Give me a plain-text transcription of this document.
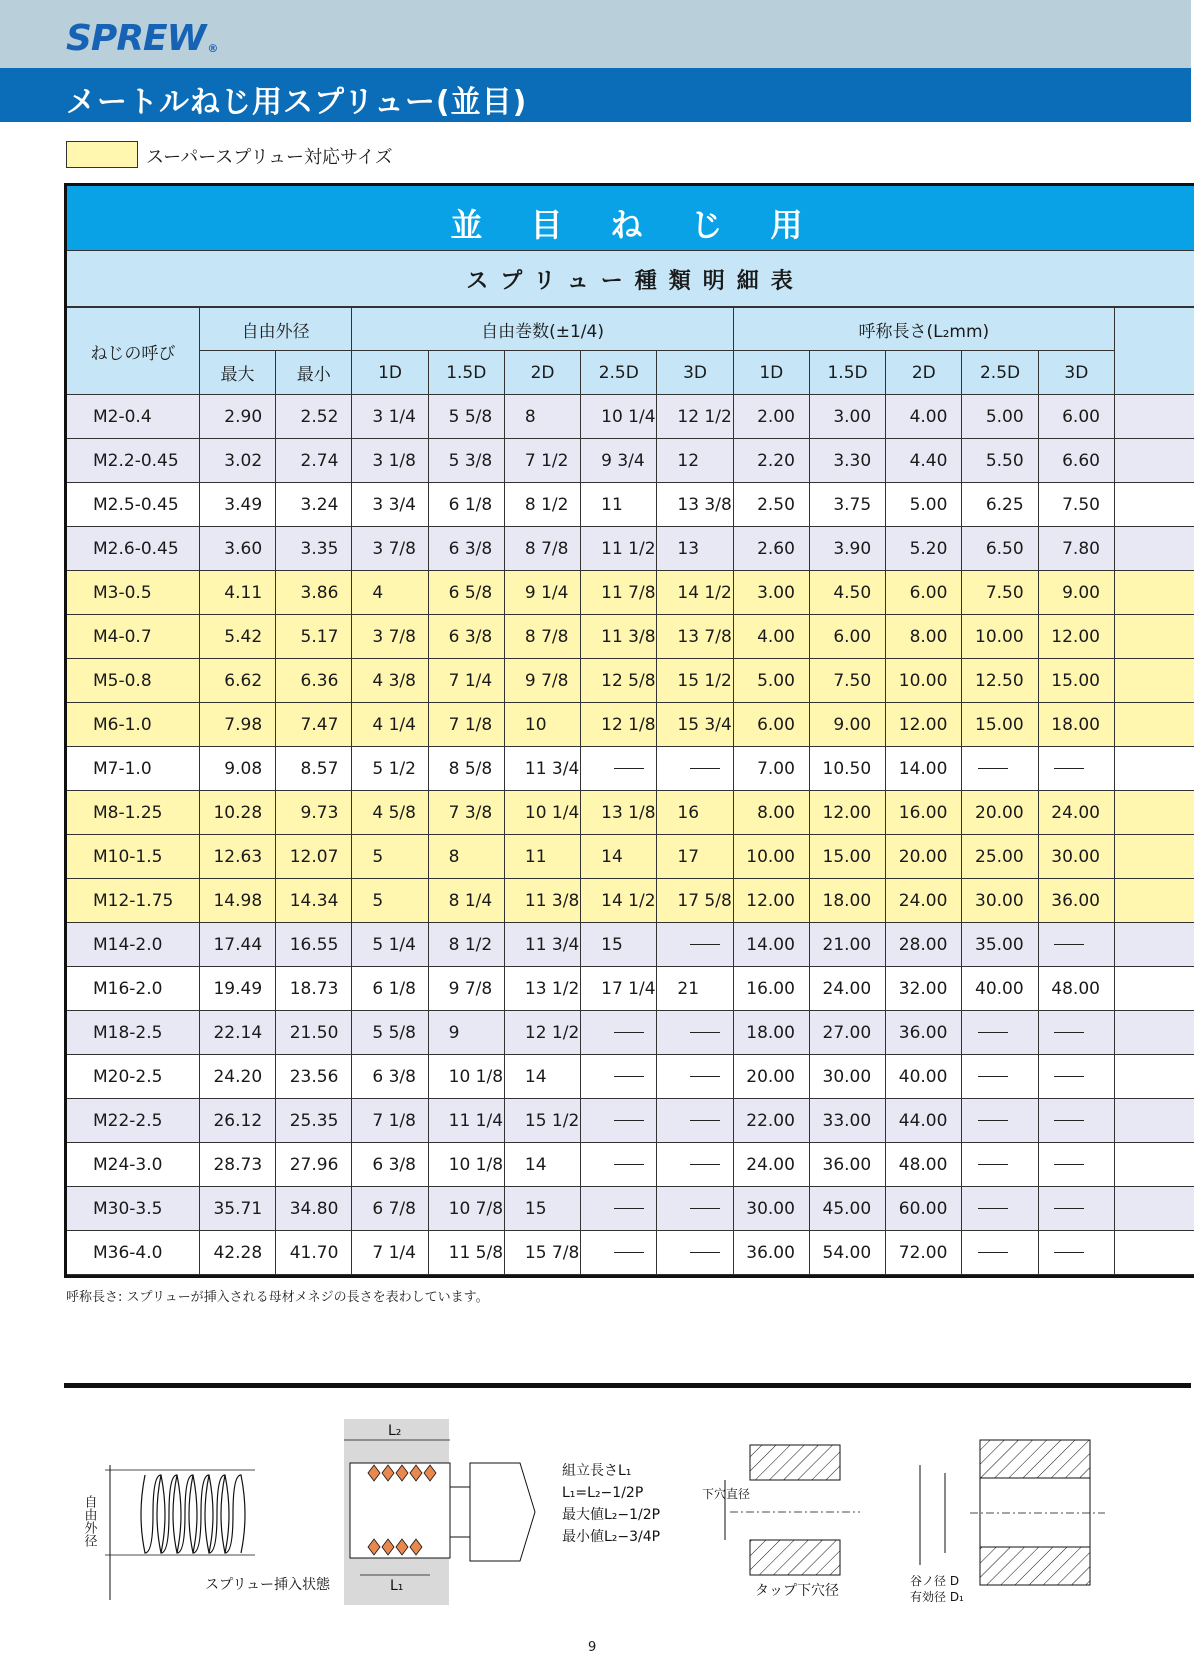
SPREW ®
メートルねじ用スプリュー(並目)
スーパースプリュー対応サイズ
並目ねじ用
スプリュー種類明細表
ねじの呼び	自由外径		自由巻数(±1/4)					呼称長さ(L₂mm)					
	最大	最小	1D	1.5D	2D	2.5D	3D	1D	1.5D	2D	2.5D	3D	
M2-0.4	2.90	2.52	3 1/4	5 5/8	8	10 1/4	12 1/2	2.00	3.00	4.00	5.00	6.00	
M2.2-0.45	3.02	2.74	3 1/8	5 3/8	7 1/2	9 3/4	12	2.20	3.30	4.40	5.50	6.60	
M2.5-0.45	3.49	3.24	3 3/4	6 1/8	8 1/2	11	13 3/8	2.50	3.75	5.00	6.25	7.50	
M2.6-0.45	3.60	3.35	3 7/8	6 3/8	8 7/8	11 1/2	13	2.60	3.90	5.20	6.50	7.80	
M3-0.5	4.11	3.86	4	6 5/8	9 1/4	11 7/8	14 1/2	3.00	4.50	6.00	7.50	9.00	
M4-0.7	5.42	5.17	3 7/8	6 3/8	8 7/8	11 3/8	13 7/8	4.00	6.00	8.00	10.00	12.00	
M5-0.8	6.62	6.36	4 3/8	7 1/4	9 7/8	12 5/8	15 1/2	5.00	7.50	10.00	12.50	15.00	
M6-1.0	7.98	7.47	4 1/4	7 1/8	10	12 1/8	15 3/4	6.00	9.00	12.00	15.00	18.00	
M7-1.0	9.08	8.57	5 1/2	8 5/8	11 3/4			7.00	10.50	14.00			
M8-1.25	10.28	9.73	4 5/8	7 3/8	10 1/4	13 1/8	16	8.00	12.00	16.00	20.00	24.00	
M10-1.5	12.63	12.07	5	8	11	14	17	10.00	15.00	20.00	25.00	30.00	
M12-1.75	14.98	14.34	5	8 1/4	11 3/8	14 1/2	17 5/8	12.00	18.00	24.00	30.00	36.00	
M14-2.0	17.44	16.55	5 1/4	8 1/2	11 3/4	15		14.00	21.00	28.00	35.00		
M16-2.0	19.49	18.73	6 1/8	9 7/8	13 1/2	17 1/4	21	16.00	24.00	32.00	40.00	48.00	
M18-2.5	22.14	21.50	5 5/8	9	12 1/2			18.00	27.00	36.00			
M20-2.5	24.20	23.56	6 3/8	10 1/8	14			20.00	30.00	40.00			
M22-2.5	26.12	25.35	7 1/8	11 1/4	15 1/2			22.00	33.00	44.00			
M24-3.0	28.73	27.96	6 3/8	10 1/8	14			24.00	36.00	48.00			
M30-3.5	35.71	34.80	6 7/8	10 7/8	15			30.00	45.00	60.00			
M36-4.0	42.28	41.70	7 1/4	11 5/8	15 7/8			36.00	54.00	72.00			
呼称長さ: スプリューが挿入される母材メネジの長さを表わしています。
自由外径
スプリュー挿入状態
L₂
L₁
組立長さL₁
L₁=L₂−1/2P
最大値L₂−1/2P
最小値L₂−3/4P
下穴直径
タップ下穴径
谷ノ径 D
有効径 D₁
9
